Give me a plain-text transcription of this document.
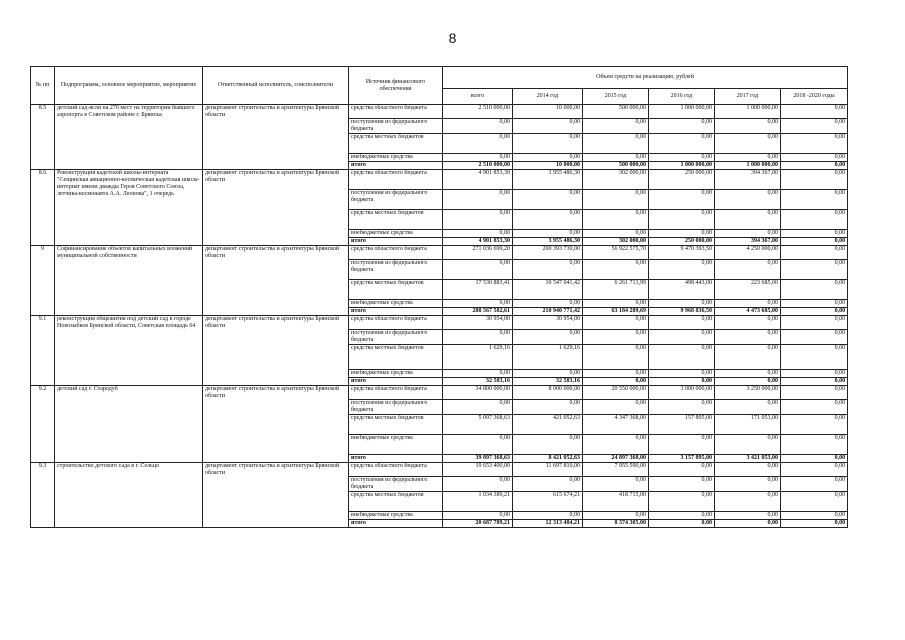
8
№ пп	Подпрограмма, основное мероприятие, мероприятие	Ответственный исполнитель, соисполнители	Источник финансового обеспечения	Объем средств на реализацию, рублей					
				всего	2014 год	2015 год	2016 год	2017 год	2018 -2020 годы
8.5	детский сад-ясли на 270 мест на территории бывшего аэропорта в Советском районе г. Брянска	департамент строительства и архитектуры Брянской области	средства областного бюджета	2 510 000,00	10 000,00	500 000,00	1 000 000,00	1 000 000,00	0,00
			поступления из федерального бюджета	0,00	0,00	0,00	0,00	0,00	0,00
			средства местных бюджетов	0,00	0,00	0,00	0,00	0,00	0,00
			внебюджетные средства	0,00	0,00	0,00	0,00	0,00	0,00
			итого	2 510 000,00	10 000,00	500 000,00	1 000 000,00	1 000 000,00	0,00
8.6	Реконструкция кадетской школы-интерната "Сещинская авиационно-космическая кадетская школа-интернат имени дважды Героя Советского Союза, летчика-космонавта А.А. Леонова", 1 очередь	департамент строительства и архитектуры Брянской области	средства областного бюджета	4 901 853,30	3 955 486,30	302 000,00	250 000,00	394 367,00	0,00
			поступления из федерального бюджета	0,00	0,00	0,00	0,00	0,00	0,00
			средства местных бюджетов	0,00	0,00	0,00	0,00	0,00	0,00
			внебюджетные средства	0,00	0,00	0,00	0,00	0,00	0,00
			итого	4 901 853,30	3 955 486,30	302 000,00	250 000,00	394 367,00	0,00
9	Софинансирование объектов капитальных вложений муниципальной собственности	департамент строительства и архитектуры Брянской области	средства областного бюджета	271 036 699,20	200 393 730,00	56 922 575,70	9 470 393,50	4 250 000,00	0,00
			поступления из федерального бюджета	0,00	0,00	0,00	0,00	0,00	0,00
			средства местных бюджетов	17 530 883,41	10 547 041,42	6 261 713,99	498 443,00	223 685,00	0,00
			внебюджетные средства	0,00	0,00	0,00	0,00	0,00	0,00
			итого	288 567 582,61	210 940 771,42	63 184 289,69	9 968 836,50	4 473 685,00	0,00
9.1	реконструкция общежития под детский сад в городе Новозыбков Брянской области, Советская площадь 64	департамент строительства и архитектуры Брянской области	средства областного бюджета	30 954,00	30 954,00	0,00	0,00	0,00	0,00
			поступления из федерального бюджета	0,00	0,00	0,00	0,00	0,00	0,00
			средства местных бюджетов	1 629,16	1 629,16	0,00	0,00	0,00	0,00
			внебюджетные средства	0,00	0,00	0,00	0,00	0,00	0,00
			итого	32 583,16	32 583,16	0,00	0,00	0,00	0,00
9.2	детский сад г. Стародуб	департамент строительства и архитектуры Брянской области	средства областного бюджета	34 800 000,00	8 000 000,00	20 550 000,00	3 000 000,00	3 250 000,00	0,00
			поступления из федерального бюджета	0,00	0,00	0,00	0,00	0,00	0,00
			средства местных бюджетов	5 097 368,63	421 052,63	4 347 368,00	157 895,00	171 053,00	0,00
			внебюджетные средства	0,00	0,00	0,00	0,00	0,00	0,00
			итого	39 897 368,63	8 421 052,63	24 897 368,00	3 157 895,00	3 421 053,00	0,00
9.3	строительство детского сада в г. Сельцо	департамент строительства и архитектуры Брянской области	средства областного бюджета	19 653 400,00	11 697 810,00	7 955 590,00	0,00	0,00	0,00
			поступления из федерального бюджета	0,00	0,00	0,00	0,00	0,00	0,00
			средства местных бюджетов	1 034 389,21	615 674,21	418 715,00	0,00	0,00	0,00
			внебюджетные средства	0,00	0,00	0,00	0,00	0,00	0,00
			итого	20 687 789,21	12 313 484,21	8 374 305,00	0,00	0,00	0,00
